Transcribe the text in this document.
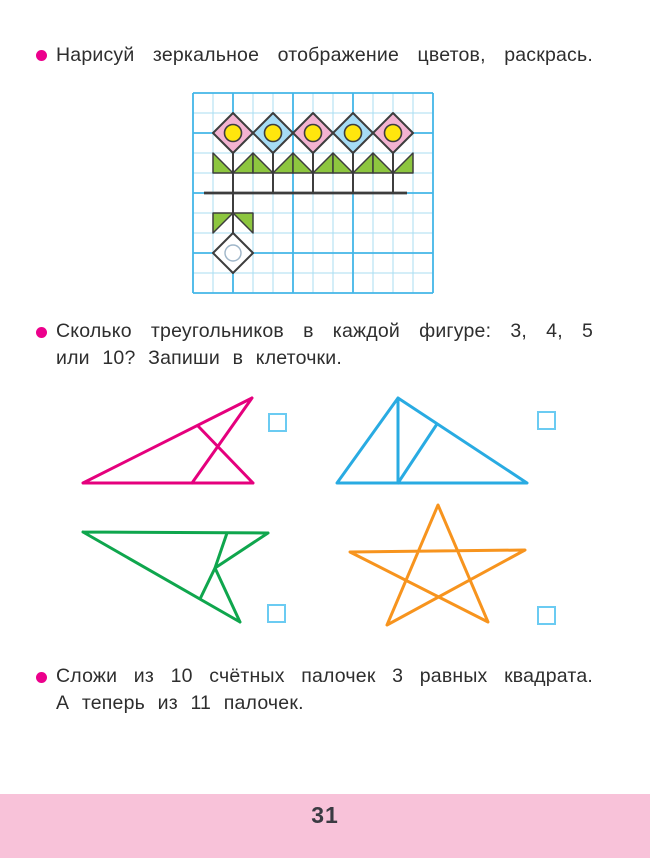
Нарисуй зеркальное отображение цветов, раскрась.
Сколько треугольников в каждой фигуре: 3, 4, 5
или 10? Запиши в клеточки.
Сложи из 10 счётных палочек 3 равных квадрата.
А теперь из 11 палочек.
31
